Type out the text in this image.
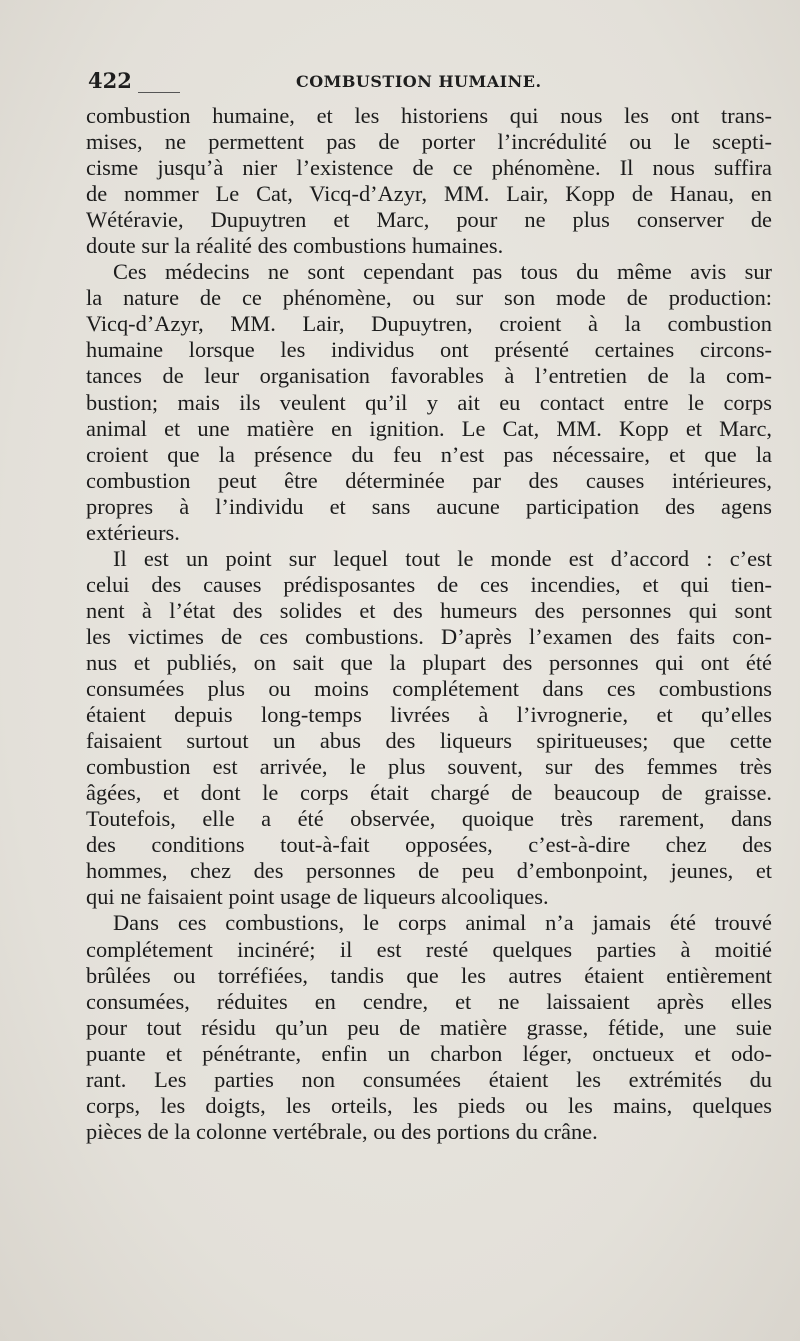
422	COMBUSTION HUMAINE.
combustion humaine, et les historiens qui nous les ont trans-
mises, ne permettent pas de porter l’incrédulité ou le scepti-
cisme jusqu’à nier l’existence de ce phénomène. Il nous suffira
de nommer Le Cat, Vicq-d’Azyr, MM. Lair, Kopp de Hanau, en
Wétéravie, Dupuytren et Marc, pour ne plus conserver de
doute sur la réalité des combustions humaines.
Ces médecins ne sont cependant pas tous du même avis sur
la nature de ce phénomène, ou sur son mode de production:
Vicq-d’Azyr, MM. Lair, Dupuytren, croient à la combustion
humaine lorsque les individus ont présenté certaines circons-
tances de leur organisation favorables à l’entretien de la com-
bustion; mais ils veulent qu’il y ait eu contact entre le corps
animal et une matière en ignition. Le Cat, MM. Kopp et Marc,
croient que la présence du feu n’est pas nécessaire, et que la
combustion peut être déterminée par des causes intérieures,
propres à l’individu et sans aucune participation des agens
extérieurs.
Il est un point sur lequel tout le monde est d’accord : c’est
celui des causes prédisposantes de ces incendies, et qui tien-
nent à l’état des solides et des humeurs des personnes qui sont
les victimes de ces combustions. D’après l’examen des faits con-
nus et publiés, on sait que la plupart des personnes qui ont été
consumées plus ou moins complétement dans ces combustions
étaient depuis long-temps livrées à l’ivrognerie, et qu’elles
faisaient surtout un abus des liqueurs spiritueuses; que cette
combustion est arrivée, le plus souvent, sur des femmes très
âgées, et dont le corps était chargé de beaucoup de graisse.
Toutefois, elle a été observée, quoique très rarement, dans
des conditions tout-à-fait opposées, c’est-à-dire chez des
hommes, chez des personnes de peu d’embonpoint, jeunes, et
qui ne faisaient point usage de liqueurs alcooliques.
Dans ces combustions, le corps animal n’a jamais été trouvé
complétement incinéré; il est resté quelques parties à moitié
brûlées ou torréfiées, tandis que les autres étaient entièrement
consumées, réduites en cendre, et ne laissaient après elles
pour tout résidu qu’un peu de matière grasse, fétide, une suie
puante et pénétrante, enfin un charbon léger, onctueux et odo-
rant. Les parties non consumées étaient les extrémités du
corps, les doigts, les orteils, les pieds ou les mains, quelques
pièces de la colonne vertébrale, ou des portions du crâne.
